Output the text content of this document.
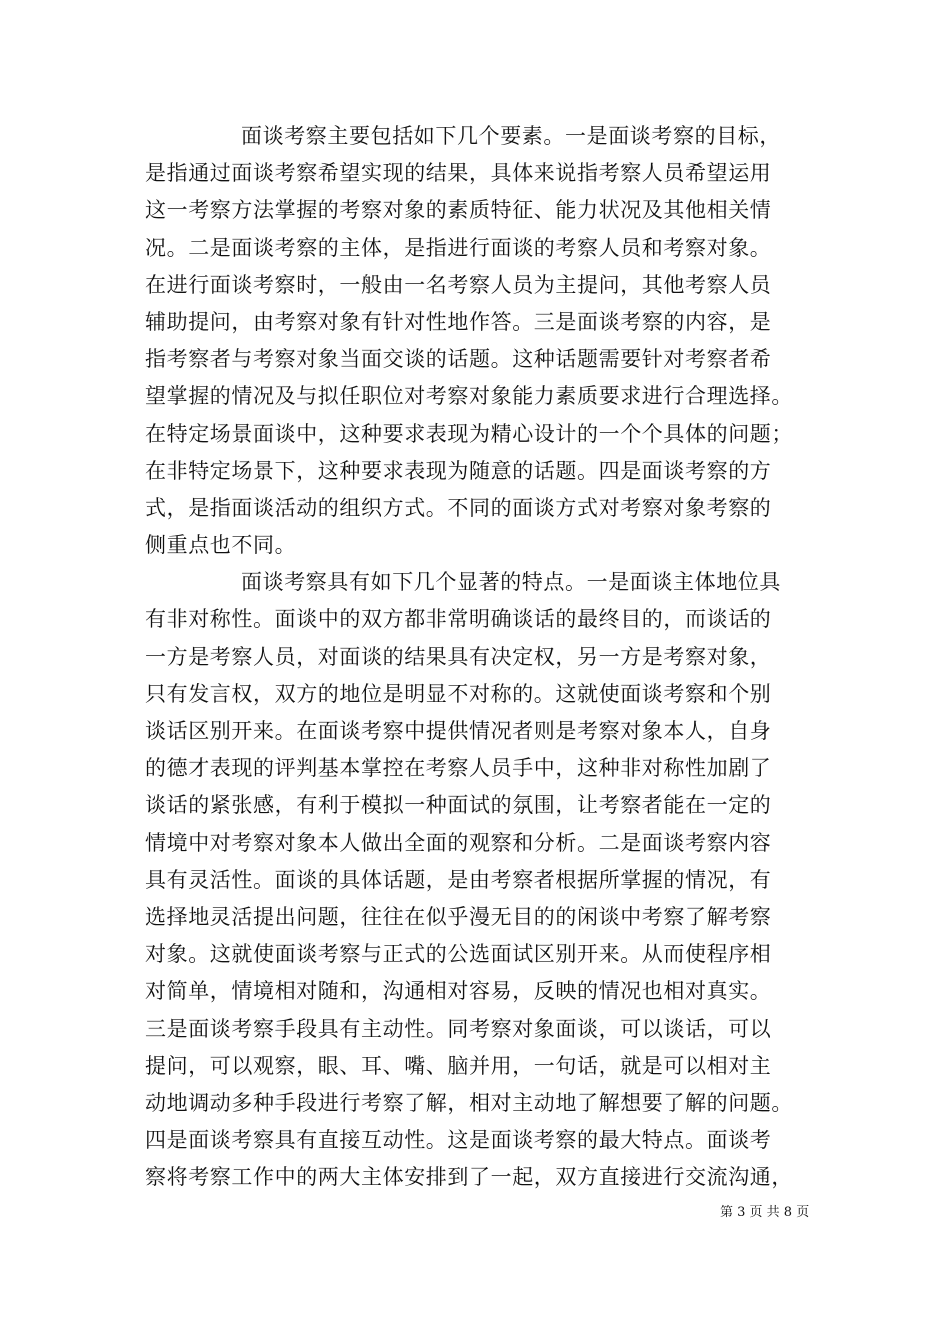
面谈考察主要包括如下几个要素。一是面谈考察的目标，
是指通过面谈考察希望实现的结果，具体来说指考察人员希望运用
这一考察方法掌握的考察对象的素质特征、能力状况及其他相关情
况。二是面谈考察的主体，是指进行面谈的考察人员和考察对象。
在进行面谈考察时，一般由一名考察人员为主提问，其他考察人员
辅助提问，由考察对象有针对性地作答。三是面谈考察的内容，是
指考察者与考察对象当面交谈的话题。这种话题需要针对考察者希
望掌握的情况及与拟任职位对考察对象能力素质要求进行合理选择。
在特定场景面谈中，这种要求表现为精心设计的一个个具体的问题；
在非特定场景下，这种要求表现为随意的话题。四是面谈考察的方
式，是指面谈活动的组织方式。不同的面谈方式对考察对象考察的
侧重点也不同。
面谈考察具有如下几个显著的特点。一是面谈主体地位具
有非对称性。面谈中的双方都非常明确谈话的最终目的，而谈话的
一方是考察人员，对面谈的结果具有决定权，另一方是考察对象，
只有发言权，双方的地位是明显不对称的。这就使面谈考察和个别
谈话区别开来。在面谈考察中提供情况者则是考察对象本人，自身
的德才表现的评判基本掌控在考察人员手中，这种非对称性加剧了
谈话的紧张感，有利于模拟一种面试的氛围，让考察者能在一定的
情境中对考察对象本人做出全面的观察和分析。二是面谈考察内容
具有灵活性。面谈的具体话题，是由考察者根据所掌握的情况，有
选择地灵活提出问题，往往在似乎漫无目的的闲谈中考察了解考察
对象。这就使面谈考察与正式的公选面试区别开来。从而使程序相
对简单，情境相对随和，沟通相对容易，反映的情况也相对真实。
三是面谈考察手段具有主动性。同考察对象面谈，可以谈话，可以
提问，可以观察，眼、耳、嘴、脑并用，一句话，就是可以相对主
动地调动多种手段进行考察了解，相对主动地了解想要了解的问题。
四是面谈考察具有直接互动性。这是面谈考察的最大特点。面谈考
察将考察工作中的两大主体安排到了一起，双方直接进行交流沟通，
第 3 页 共 8 页
